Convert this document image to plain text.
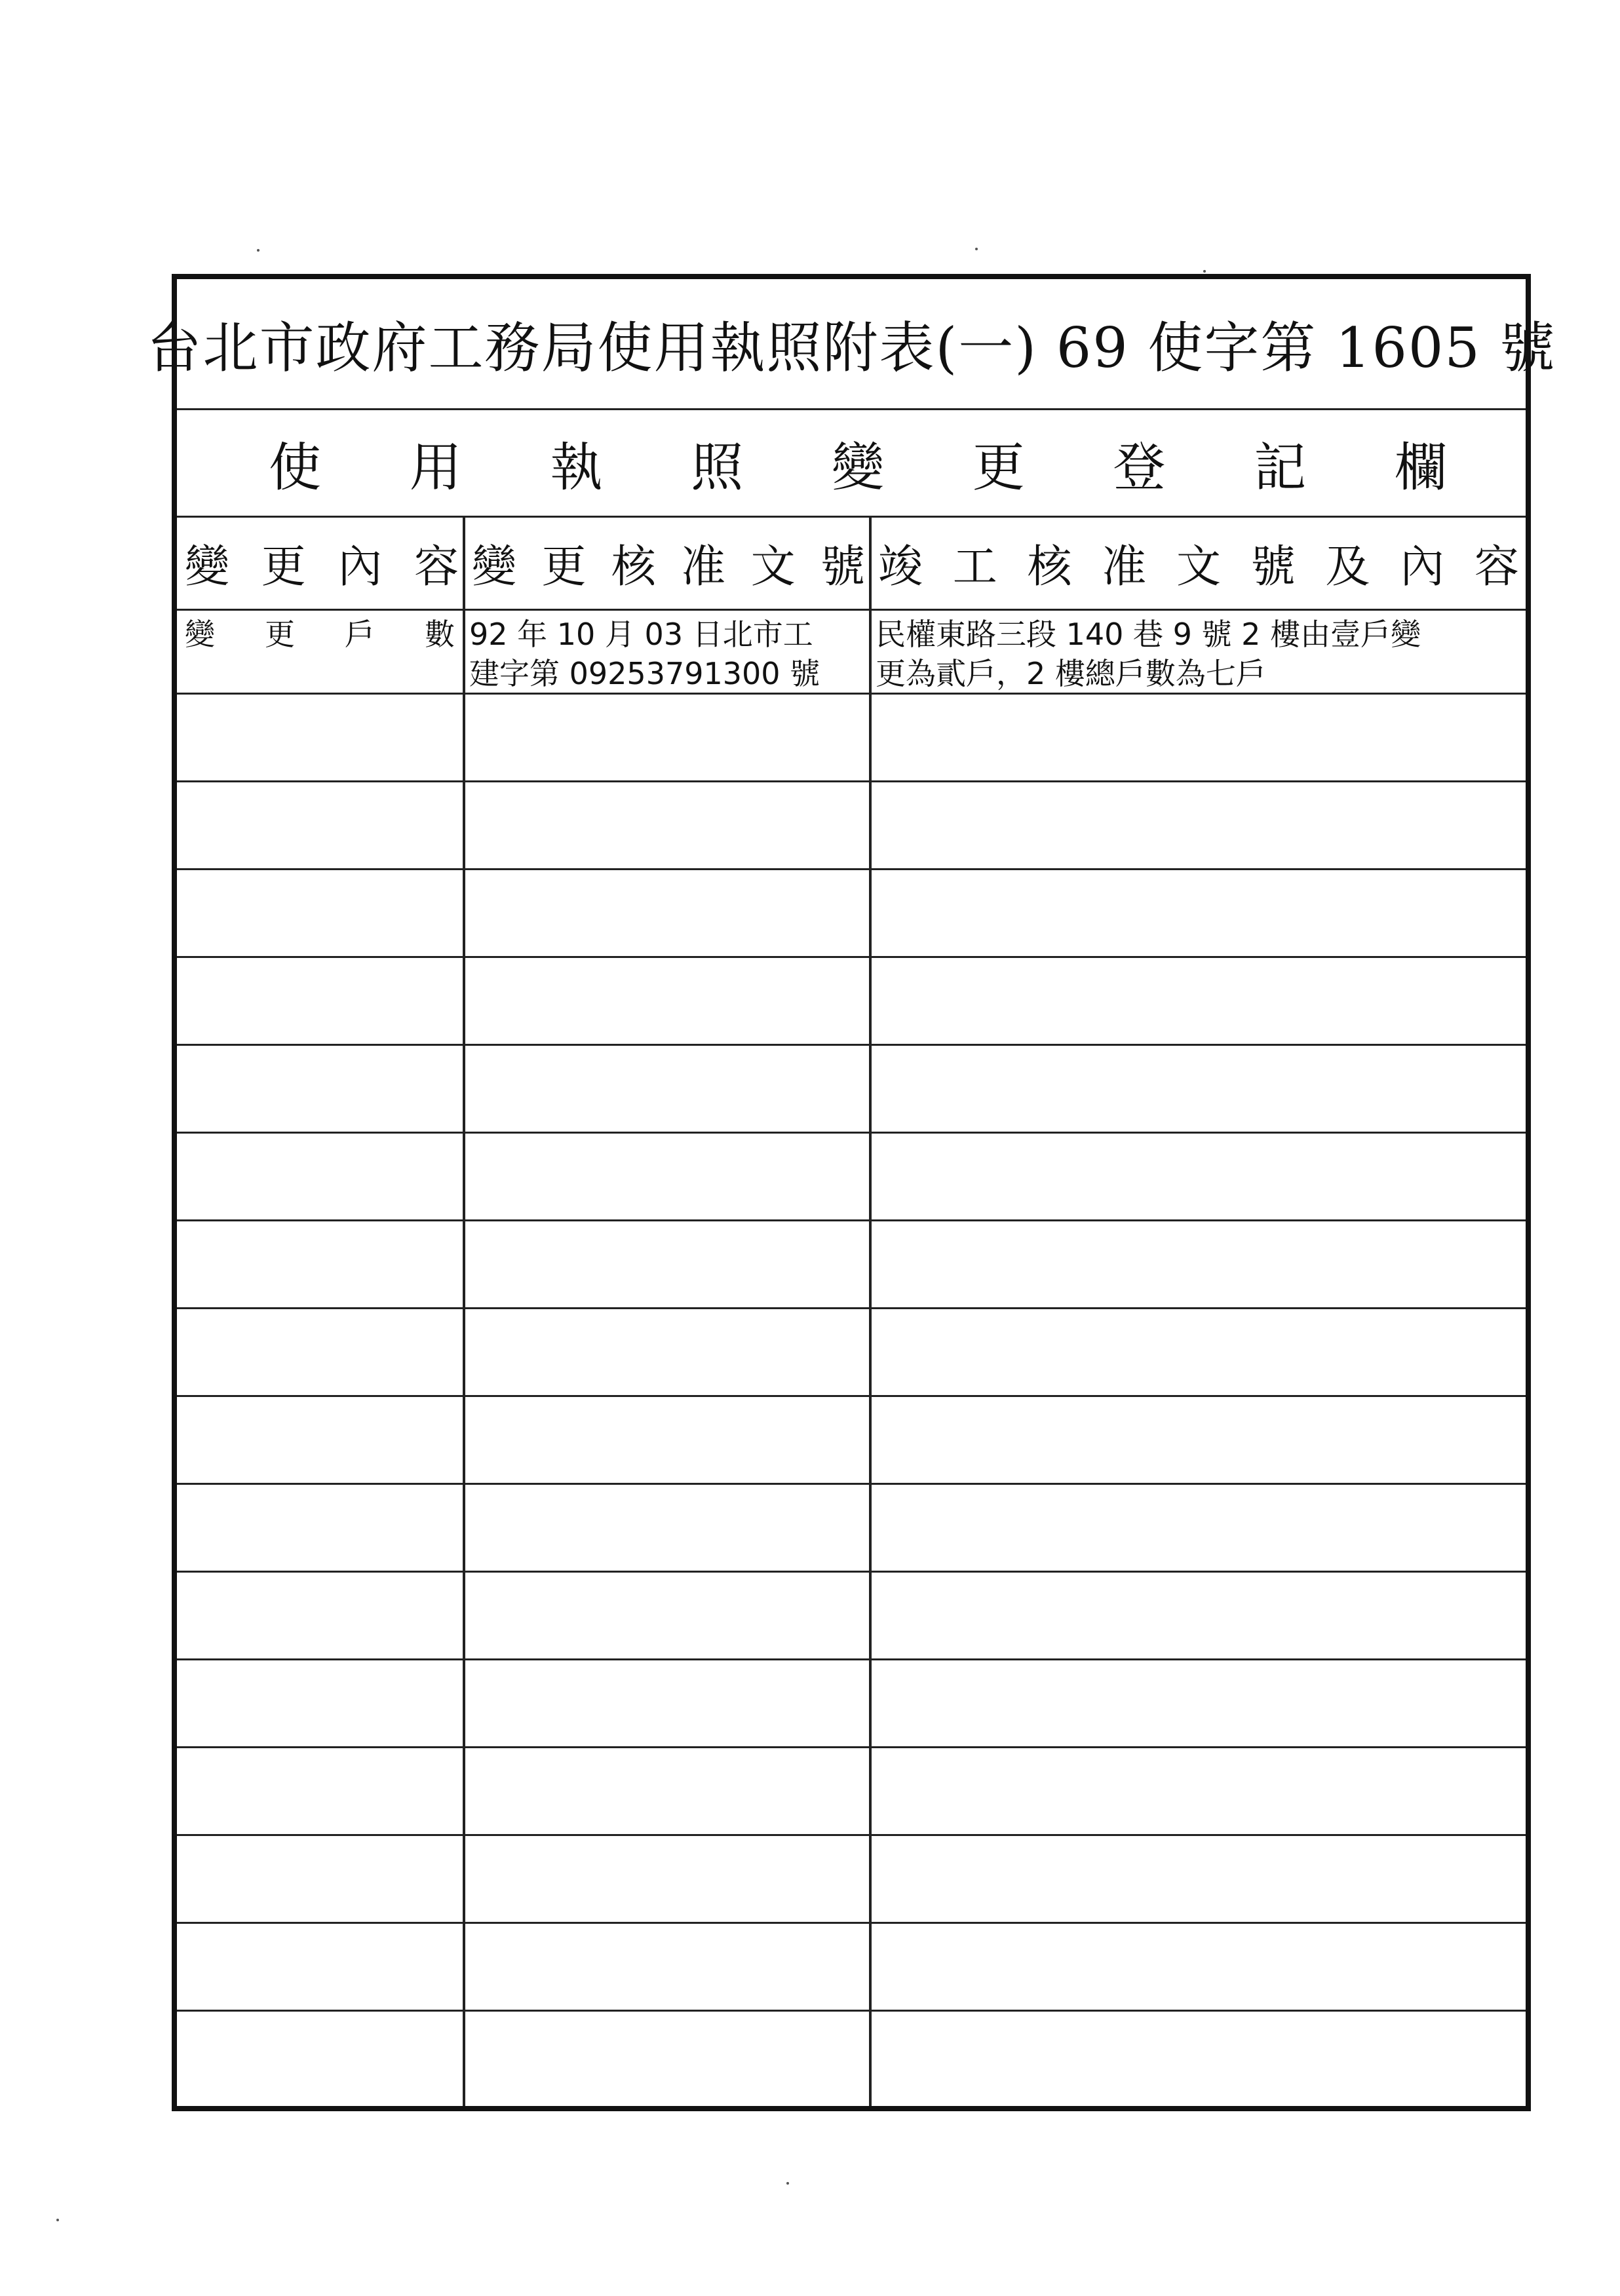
台北市政府工務局使用執照附表(一) 69 使字第 1605 號
使 用 執 照 變 更 登 記 欄
變 更 內 容 變 更 核 准 文 號 竣 工 核 准 文 號 及 內 容
變 更 戶 數 92 年 10 月 03 日北市工
建字第 09253791300 號
民權東路三段 140 巷 9 號 2 樓由壹戶變
更為貳戶，2 樓總戶數為七戶
